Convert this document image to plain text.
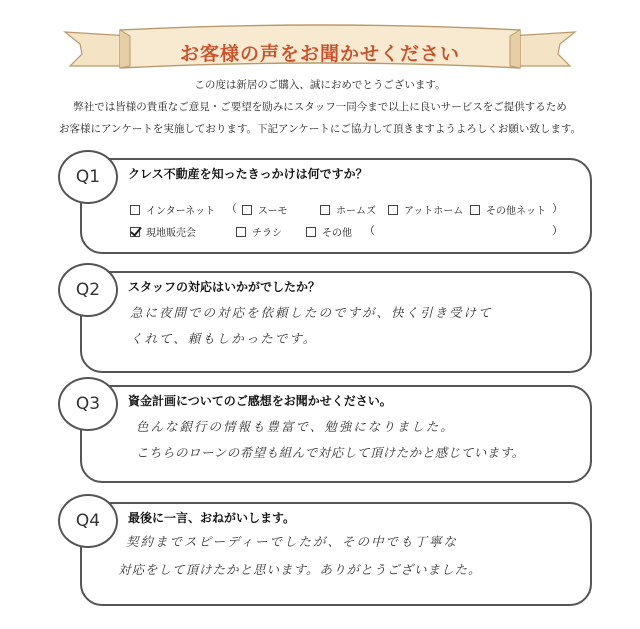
お客様の声をお聞かせください
この度は新居のご購入、誠におめでとうございます。
弊社では皆様の貴重なご意見・ご要望を励みにスタッフ一同今まで以上に良いサービスをご提供するため
お客様にアンケートを実施しております。下記アンケートにご協力して頂きますようよろしくお願い致します。
Q1	クレス不動産を知ったきっかけは何ですか？
インターネット （	スーモ	ホームズ	アットホーム	その他ネット ）
現地販売会	チラシ	その他 （	）
Q2	スタッフの対応はいかがでしたか？
急に夜間での対応を依頼したのですが、快く引き受けて
くれて、頼もしかったです。
Q3	資金計画についてのご感想をお聞かせください。
色んな銀行の情報も豊富で、勉強になりました。
こちらのローンの希望も組んで対応して頂けたかと感じています。
Q4	最後に一言、おねがいします。
契約までスピーディーでしたが、その中でも丁寧な
対応をして頂けたかと思います。ありがとうございました。
